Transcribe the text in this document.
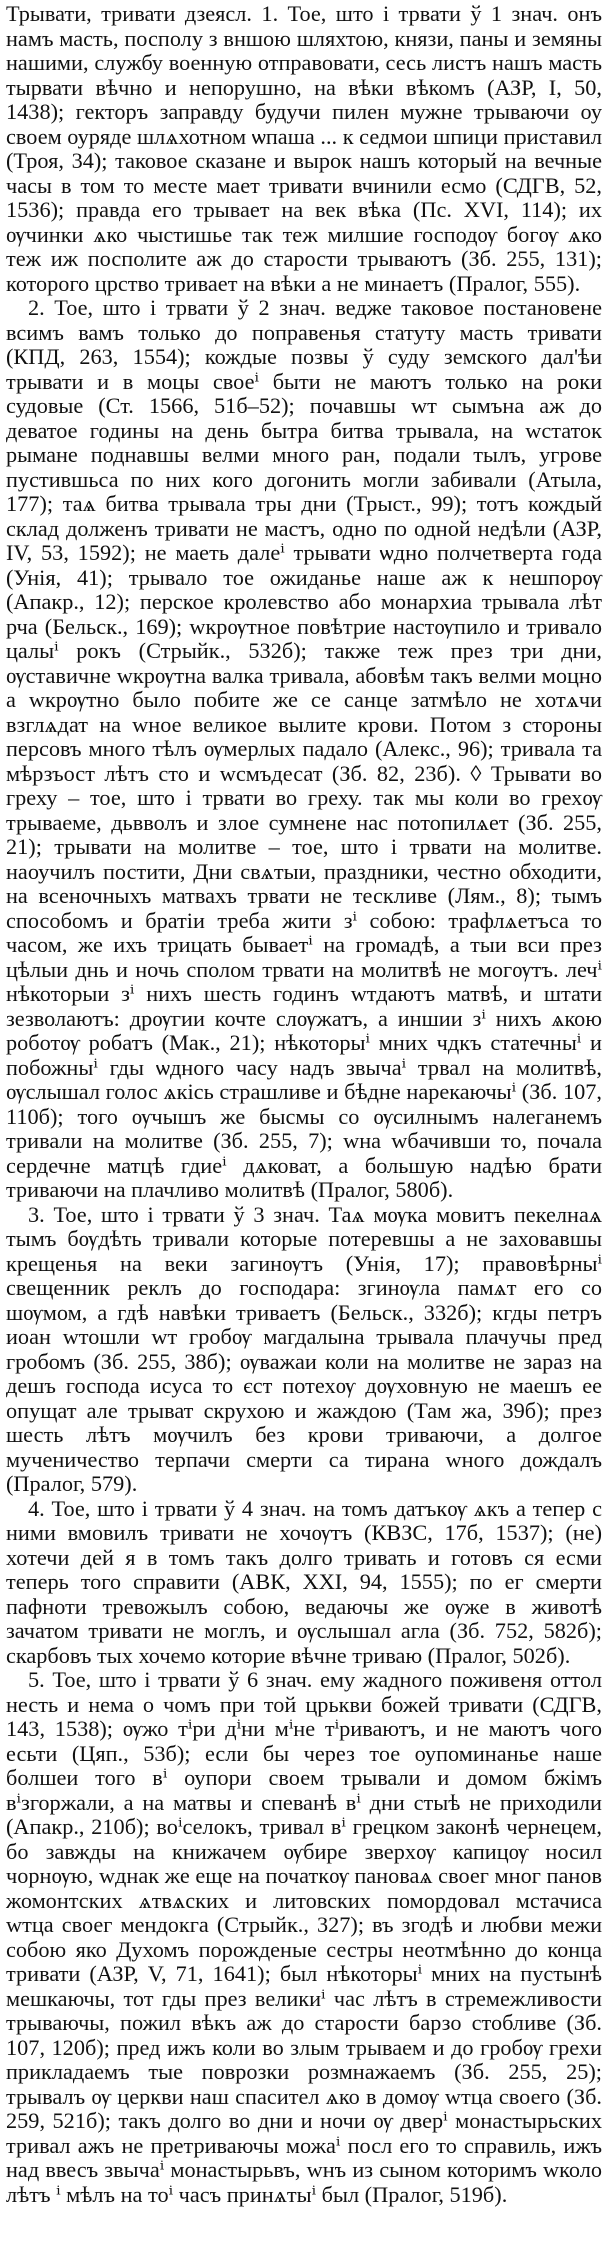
Трывати, тривати дзеясл. 1. Тое, што і трвати ў 1 знач. онъ намъ масть, посполу з вншою шляхтою, князи, паны и земяны нашими, службу военную отправовати, сесь листъ нашъ масть тырвати вѣчно и непорушно, на вѣки вѣкомъ (АЗР, I, 50, 1438); гекторъ заправду будучи пилен мужне трываючи оу своем оурядe шлѧхотном ѡпаша ... к седмои шпици приставил (Троя, 34); таковое сказане и вырок нашъ который на вечные часы в том то месте мает тривати вчинили есмо (СДГВ, 52, 1536); правда его трывает на век вѣка (Пс. XVI, 114); их ѹчинки ѧко чыстишье так теж милшие господѹ богѹ ѧко теж иж посполите аж до старости трываютъ (Зб. 255, 131); которого црство тривает на вѣки а не минаетъ (Пралог, 555).

2. Тое, што і трвати ў 2 знач. ведже таковое постановене всимъ вамъ только до поправенья статуту масть тривати (КПД, 263, 1554); кождые позвы ў суду земского дал'ѣи трывати и в моцы своеⁱ быти не маютъ только на роки судовые (Ст. 1566, 51б–52); почавшы wт сымъна аж до деватое годины на день бытра битва трывала, на wстаток рымане поднавшы велми много ран, подали тылъ, угрове пустившьса по них кого догонить могли забивали (Атыла, 177); таѧ битва трывала тры дни (Трыст., 99); тотъ кождый склад долженъ тривати не мастъ, одно по одной недѣли (АЗР, IV, 53, 1592); не маеть далеⁱ трывати ѡдно полчетверта года (Унія, 41); трывало тое ожиданье наше аж к нешпорѹ (Апакр., 12); перское кролевство або монархиа трывала лѣт рча (Бельск., 169); wкрѹтное повѣтрие настѹпило и тривало цалыⁱ рокъ (Стрыйк., 532б); также теж през три дни, ѹставичне wкрѹтна валка тривала, абовѣм такъ велми моцно а wкрѹтно было побите же се санце затмѣло не хотѧчи взглѧдат на wное великое вылите крови. Потом з стороны персовъ много тѣлъ ѹмерлых падало (Алекс., 96); тривала та мѣрзъост лѣтъ сто и wсмъдесат (Зб. 82, 23б). ◊ Трывати во греху – тое, што і трвати во греху. так мы коли во грехѹ трываеме, дьвволъ и злое сумнене нас потопилѧет (Зб. 255, 21); трывати на молитве – тое, што і трвати на молитве. наоучилъ постити, Дни свѧтыи, праздники, честно обходити, на всеночныхъ матвахъ трвати не тескливе (Лям., 8); тымъ способомъ и братіи треба жити зⁱ собою: трафлѧетъса то часом, же ихъ трицать бываетⁱ на громадѣ, а тыи вси през цѣлыи днь и ночь сполом трвати на молитвѣ не могѹтъ. лечⁱ нѣкоторыи зⁱ нихъ шесть годинъ wтдаютъ матвѣ, и штати зезволаютъ: дрѹгии кочте слѹжатъ, а иншии зⁱ нихъ ѧкою роботѹ робатъ (Мак., 21); нѣкоторыⁱ мних чдкъ статечныⁱ и побожныⁱ гды ѡдного часу надъ звычаⁱ трвал на молитвѣ, ѹслышал голос ѧкісь страшливе и бѣдне нарекаючыⁱ (Зб. 107, 110б); того ѹчышъ же бысмы со ѹсилнымъ налеганемъ тривали на молитве (Зб. 255, 7); wна wбачивши то, почала сердечне матцѣ гдиеⁱ дѧковат, а большую надѣю брати триваючи на плачливо молитвѣ (Пралог, 580б).

3. Тое, што і трвати ў 3 знач. Таѧ мѹка мовитъ пекелнаѧ тымъ бѹдѣть тривали которые потеревшы а не заховавшы крещенья на веки загинѹтъ (Унія, 17); правовѣрныⁱ свещенник реклъ до господара: згинѹла памѧт его со шѹмом, а гдѣ навѣки триваетъ (Бельск., 332б); кгды петръ иоан wтошли wт гробѹ магдалына трывала плачучы пред гробомъ (Зб. 255, 38б); ѹважаи коли на молитве не зараз на дешъ господа исуса то єст потехѹ дѹховную не маешъ ее опущат але трыват скрухою и жаждою (Там жа, 39б); през шесть лѣтъ мѹчилъ без крови триваючи, а долгое мученичество терпачи смерти са тирана wного дождалъ (Пралог, 579).

4. Тое, што і трвати ў 4 знач. на томъ датъкѹ ѧкъ а тепер с ними вмовилъ тривати не хочѹтъ (КВЗС, 17б, 1537); (не) хотечи дей я в томъ такъ долго тривать и готовъ ся есми теперь того справити (АВК, XXI, 94, 1555); по ег смерти пафноти тревожылъ собою, ведаючы же ѹже в животѣ зачатом тривати не моглъ, и ѹслышал агла (Зб. 752, 582б); скарбовъ тых хочемо которие вѣчне триваю (Пралог, 502б).

5. Тое, што і трвати ў 6 знач. ему жадного поживеня оттол несть и нема о чомъ при той црькви божей тривати (СДГВ, 143, 1538); ѹжо тⁱри дⁱни мⁱне тⁱриваютъ, и не маютъ чого есьти (Цяп., 53б); если бы через тое оупоминанье наше болшеи того вⁱ оупори своем трывали и домом бжімъ вⁱзгоржали, а на матвы и спеванѣ вⁱ дни стыѣ не приходили (Апакр., 210б); воⁱселокъ, тривал вⁱ грецком законѣ чернецем, бо завжды на книжачем ѹбире зверхѹ капицѹ носил чорнѹю, wднак же еще на початкѹ пановаѧ своег мног панов жомонтских ѧтвѧских и литовских помордовал мстачиса wтца своег мендокга (Стрыйк., 327); въ згодѣ и любви межи собою яко Духомъ порожденые сестры неотмѣнно до конца тривати (АЗР, V, 71, 1641); был нѣкоторыⁱ мних на пустынѣ мешкаючы, тот гды през великиⁱ час лѣтъ в стремежливости трываючы, пожил вѣкъ аж до старости барзо стобливе (Зб. 107, 120б); пред ижъ коли во злым трываем и до гробѹ грехи прикладаемъ тые поврозки розмнажаемъ (Зб. 255, 25); трывалъ ѹ церкви наш спасител ѧко в домѹ wтца своего (Зб. 259, 521б); такъ долго во дни и ночи ѹ дверⁱ монастырьских тривал ажъ не претриваючы можаⁱ посл его то справиль, ижъ над ввесъ звычаⁱ монастырьвъ, wнъ из сыном которимъ wколо лѣтъ ⁱ мѣлъ на тоⁱ часъ принѧтыⁱ был (Пралог, 519б).
